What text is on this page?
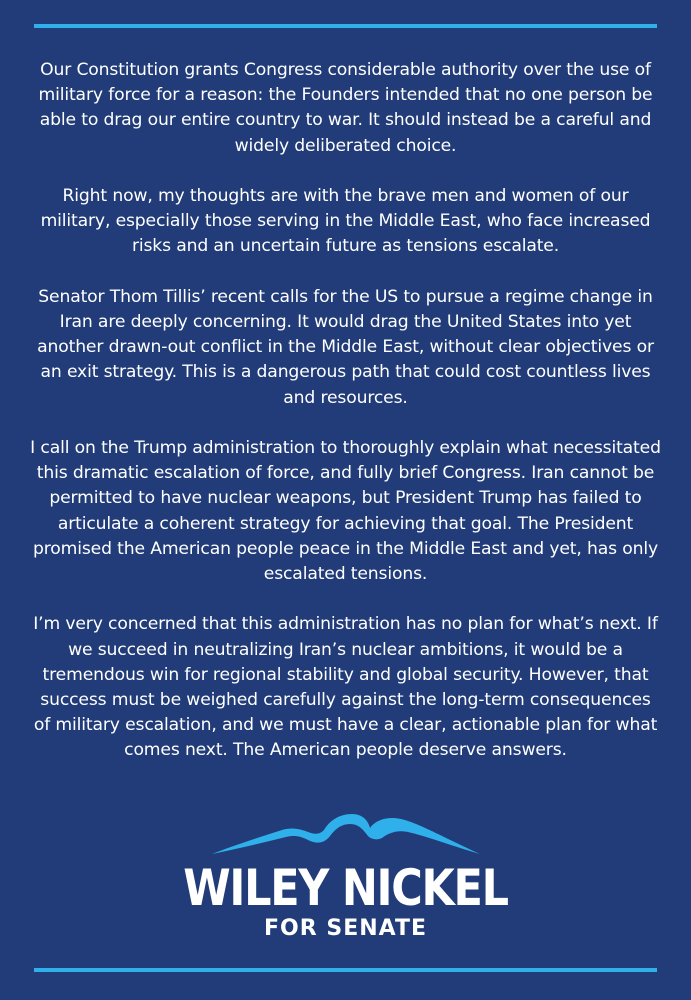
Our Constitution grants Congress considerable authority over the use of military force for a reason: the Founders intended that no one person be able to drag our entire country to war. It should instead be a careful and widely deliberated choice.

Right now, my thoughts are with the brave men and women of our military, especially those serving in the Middle East, who face increased risks and an uncertain future as tensions escalate.

Senator Thom Tillis’ recent calls for the US to pursue a regime change in Iran are deeply concerning. It would drag the United States into yet another drawn-out conflict in the Middle East, without clear objectives or an exit strategy. This is a dangerous path that could cost countless lives and resources.

I call on the Trump administration to thoroughly explain what necessitated this dramatic escalation of force, and fully brief Congress. Iran cannot be permitted to have nuclear weapons, but President Trump has failed to articulate a coherent strategy for achieving that goal. The President promised the American people peace in the Middle East and yet, has only escalated tensions.

I’m very concerned that this administration has no plan for what’s next. If we succeed in neutralizing Iran’s nuclear ambitions, it would be a tremendous win for regional stability and global security. However, that success must be weighed carefully against the long-term consequences of military escalation, and we must have a clear, actionable plan for what comes next. The American people deserve answers.

WILEY NICKEL
FOR SENATE
